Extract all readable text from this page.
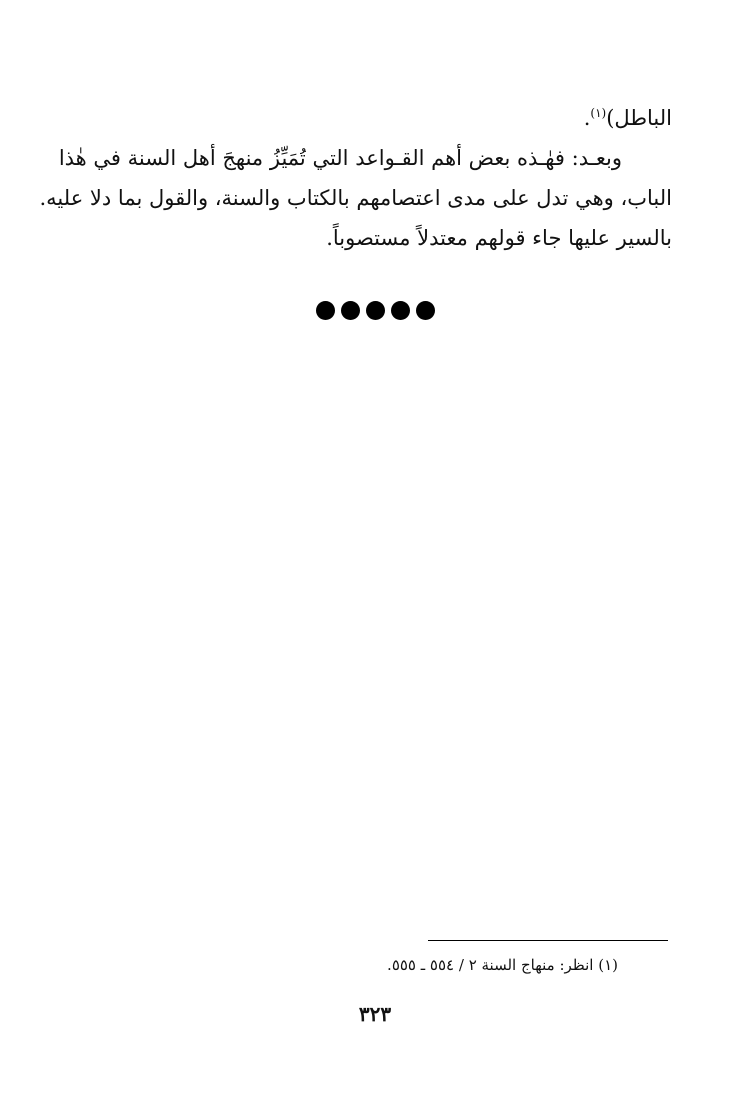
الباطل)$^{(١)}$.
وبعـد: فهٰـذه بعض أهم القـواعد التي تُمَيِّزُ منهجَ أهل السنة في هٰذا
الباب، وهي تدل على مدى اعتصامهم بالكتاب والسنة، والقول بما دلا عليه.
بالسير عليها جاء قولهم معتدلاً مستصوباً.

(١) انظر: منهاج السنة ٢ / ٥٥٤ ـ ٥٥٥.
٣٢٣
